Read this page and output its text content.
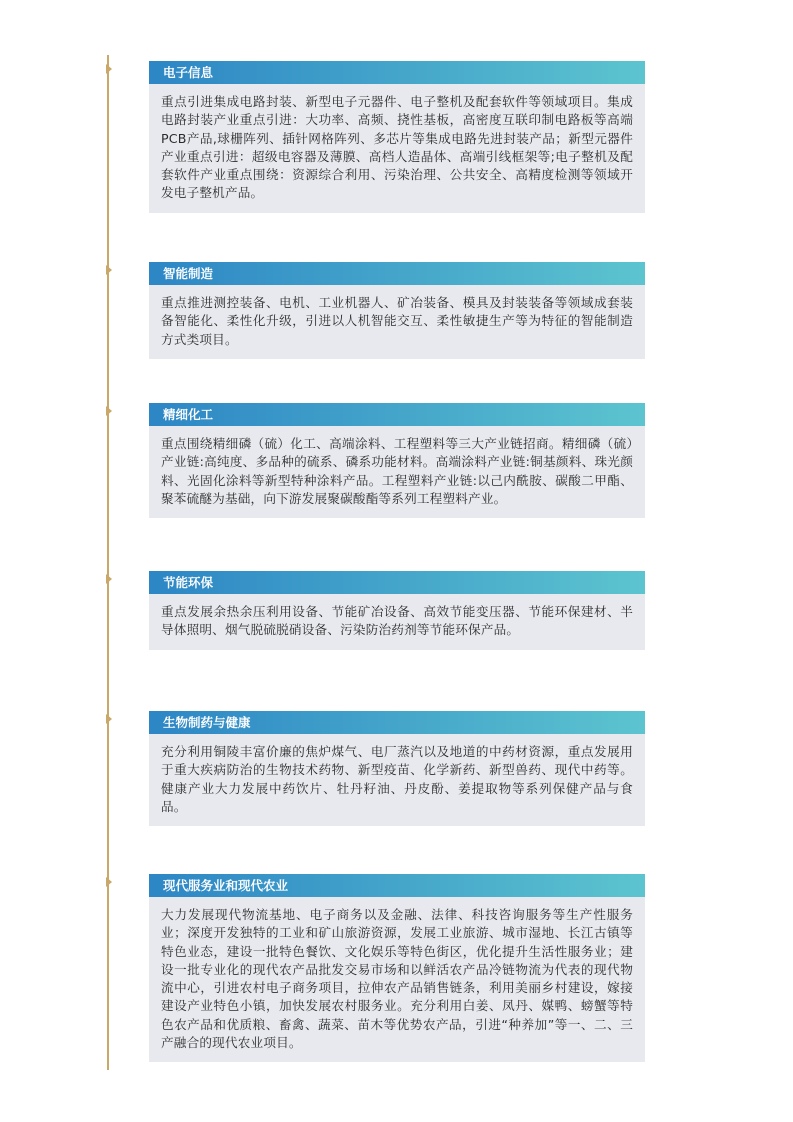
电子信息
重点引进集成电路封装、新型电子元器件、电子整机及配套软件等领域项目。集成电路封装产业重点引进：大功率、高频、挠性基板，高密度互联印制电路板等高端PCB产品,球栅阵列、插针网格阵列、多芯片等集成电路先进封装产品；新型元器件产业重点引进：超级电容器及薄膜、高档人造晶体、高端引线框架等;电子整机及配套软件产业重点围绕：资源综合利用、污染治理、公共安全、高精度检测等领域开发电子整机产品。
智能制造
重点推进测控装备、电机、工业机器人、矿冶装备、模具及封装装备等领域成套装备智能化、柔性化升级，引进以人机智能交互、柔性敏捷生产等为特征的智能制造方式类项目。
精细化工
重点围绕精细磷（硫）化工、高端涂料、工程塑料等三大产业链招商。精细磷（硫）产业链:高纯度、多品种的硫系、磷系功能材料。高端涂料产业链:铜基颜料、珠光颜料、光固化涂料等新型特种涂料产品。工程塑料产业链:以己内酰胺、碳酸二甲酯、聚苯硫醚为基础，向下游发展聚碳酸酯等系列工程塑料产业。
节能环保
重点发展余热余压利用设备、节能矿冶设备、高效节能变压器、节能环保建材、半导体照明、烟气脱硫脱硝设备、污染防治药剂等节能环保产品。
生物制药与健康
充分利用铜陵丰富价廉的焦炉煤气、电厂蒸汽以及地道的中药材资源，重点发展用于重大疾病防治的生物技术药物、新型疫苗、化学新药、新型兽药、现代中药等。健康产业大力发展中药饮片、牡丹籽油、丹皮酚、姜提取物等系列保健产品与食品。
现代服务业和现代农业
大力发展现代物流基地、电子商务以及金融、法律、科技咨询服务等生产性服务业；深度开发独特的工业和矿山旅游资源，发展工业旅游、城市湿地、长江古镇等特色业态，建设一批特色餐饮、文化娱乐等特色街区，优化提升生活性服务业；建设一批专业化的现代农产品批发交易市场和以鲜活农产品冷链物流为代表的现代物流中心，引进农村电子商务项目，拉伸农产品销售链条，利用美丽乡村建设，嫁接建设产业特色小镇，加快发展农村服务业。充分利用白姜、凤丹、媒鸭、螃蟹等特色农产品和优质粮、畜禽、蔬菜、苗木等优势农产品，引进“种养加”等一、二、三产融合的现代农业项目。
